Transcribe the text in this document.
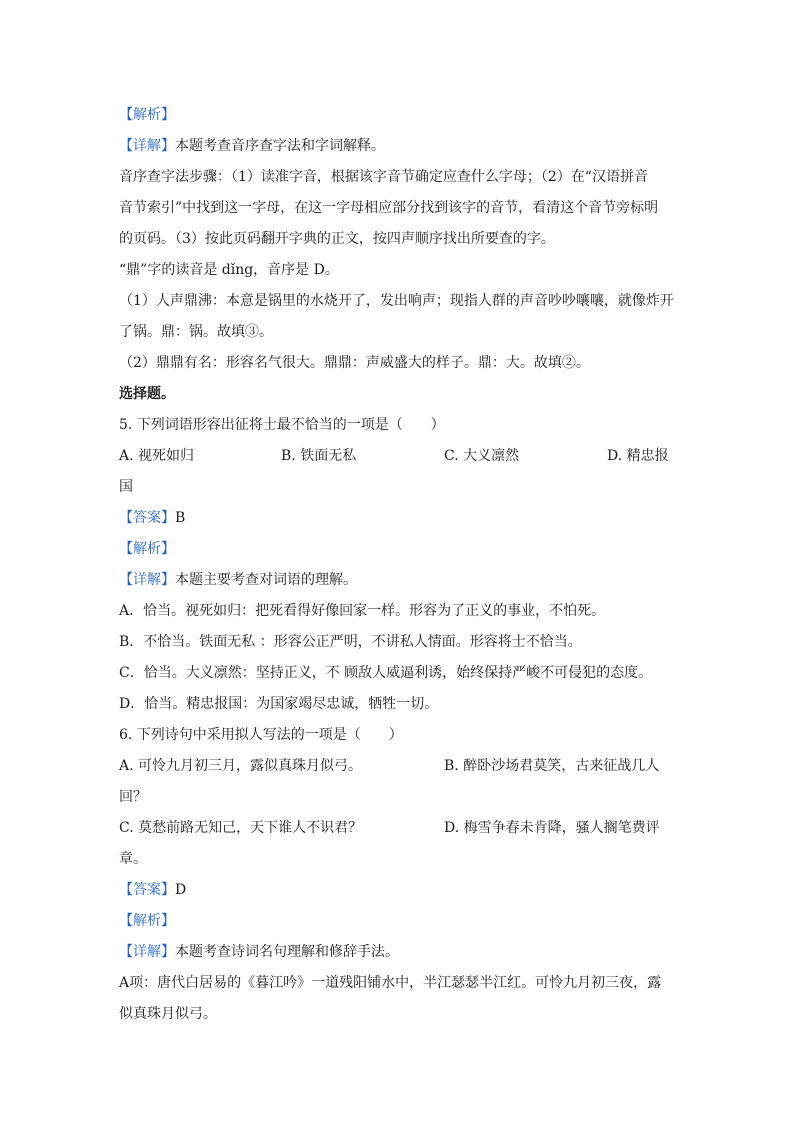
【解析】

【详解】本题考查音序查字法和字词解释。

音序查字法步骤：（1）读准字音，根据该字音节确定应查什么字母；（2）在“汉语拼音

音节索引”中找到这一字母，在这一字母相应部分找到该字的音节，看清这个音节旁标明

的页码。（3）按此页码翻开字典的正文，按四声顺序找出所要查的字。

“鼎”字的读音是 dǐng，音序是 D。

（1）人声鼎沸：本意是锅里的水烧开了，发出响声；现指人群的声音吵吵嚷嚷，就像炸开

了锅。鼎：锅。故填③。

（2）鼎鼎有名：形容名气很大。鼎鼎：声威盛大的样子。鼎：大。故填②。

选择题。

5. 下列词语形容出征将士最不恰当的一项是（　　）

A. 视死如归	B. 铁面无私	C. 大义凛然	D. 精忠报

国

【答案】B

【解析】

【详解】本题主要考查对词语的理解。

A．恰当。视死如归：把死看得好像回家一样。形容为了正义的事业，不怕死。

B．不恰当。铁面无私 ：形容公正严明，不讲私人情面。形容将士不恰当。

C．恰当。大义凛然：坚持正义，不 顾敌人威逼利诱，始终保持严峻不可侵犯的态度。

D．恰当。精忠报国：为国家竭尽忠诚，牺牲一切。

6. 下列诗句中采用拟人写法的一项是（　　）

A. 可怜九月初三月，露似真珠月似弓。	B. 醉卧沙场君莫笑，古来征战几人

回？

C. 莫愁前路无知己，天下谁人不识君？	D. 梅雪争春未肯降，骚人搁笔费评

章。

【答案】D

【解析】

【详解】本题考查诗词名句理解和修辞手法。

A项：唐代白居易的《暮江吟》一道残阳铺水中，半江瑟瑟半江红。可怜九月初三夜，露

似真珠月似弓。
